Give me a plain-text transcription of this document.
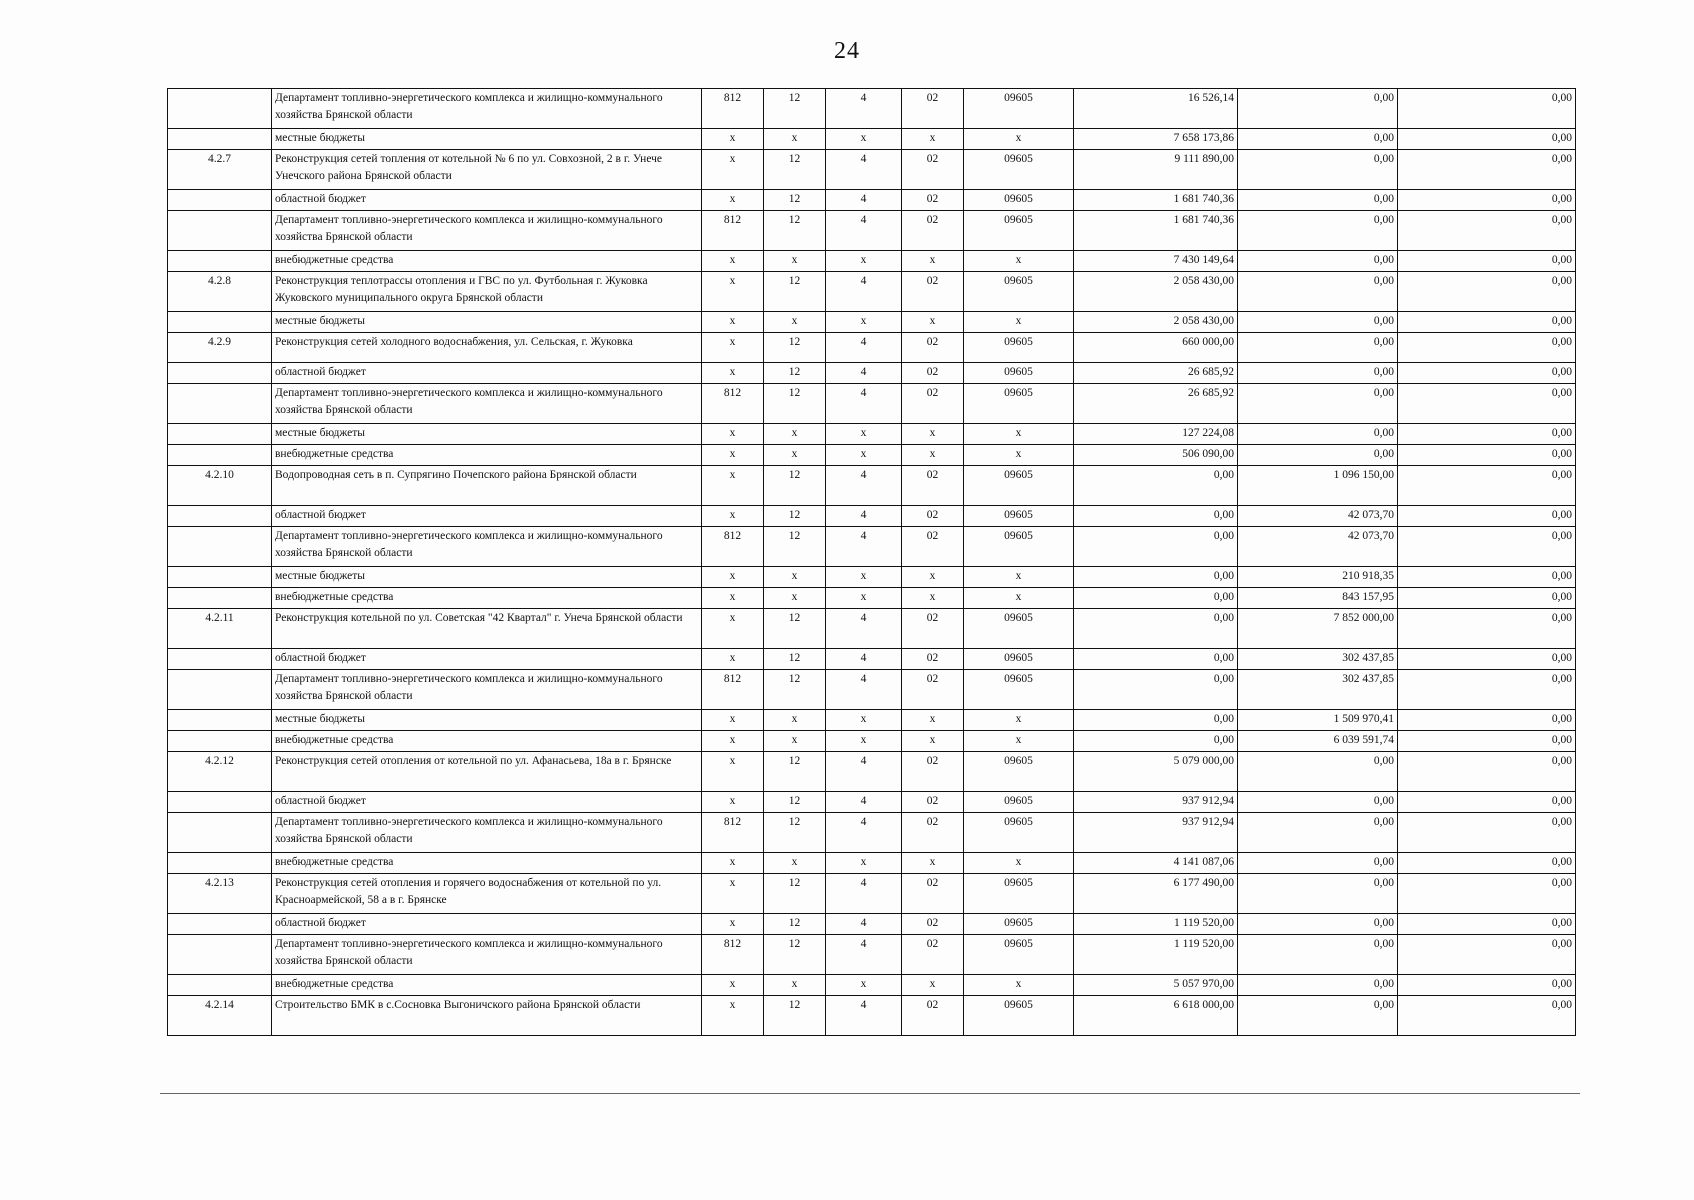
24
	Департамент топливно-энергетического комплекса и жилищно-коммунального хозяйства Брянской области	812	12	4	02	09605	16 526,14	0,00	0,00
	местные бюджеты	x	x	x	x	x	7 658 173,86	0,00	0,00
4.2.7	Реконструкция сетей топления от котельной № 6 по ул. Совхозной, 2 в г. Унече Унечского района Брянской области	x	12	4	02	09605	9 111 890,00	0,00	0,00
	областной бюджет	x	12	4	02	09605	1 681 740,36	0,00	0,00
	Департамент топливно-энергетического комплекса и жилищно-коммунального хозяйства Брянской области	812	12	4	02	09605	1 681 740,36	0,00	0,00
	внебюджетные средства	x	x	x	x	x	7 430 149,64	0,00	0,00
4.2.8	Реконструкция теплотрассы отопления и ГВС по ул. Футбольная г. Жуковка Жуковского муниципального округа Брянской области	x	12	4	02	09605	2 058 430,00	0,00	0,00
	местные бюджеты	x	x	x	x	x	2 058 430,00	0,00	0,00
4.2.9	Реконструкция сетей холодного водоснабжения, ул. Сельская, г. Жуковка	x	12	4	02	09605	660 000,00	0,00	0,00
	областной бюджет	x	12	4	02	09605	26 685,92	0,00	0,00
	Департамент топливно-энергетического комплекса и жилищно-коммунального хозяйства Брянской области	812	12	4	02	09605	26 685,92	0,00	0,00
	местные бюджеты	x	x	x	x	x	127 224,08	0,00	0,00
	внебюджетные средства	x	x	x	x	x	506 090,00	0,00	0,00
4.2.10	Водопроводная сеть в п. Супрягино Почепского района Брянской области	x	12	4	02	09605	0,00	1 096 150,00	0,00
	областной бюджет	x	12	4	02	09605	0,00	42 073,70	0,00
	Департамент топливно-энергетического комплекса и жилищно-коммунального хозяйства Брянской области	812	12	4	02	09605	0,00	42 073,70	0,00
	местные бюджеты	x	x	x	x	x	0,00	210 918,35	0,00
	внебюджетные средства	x	x	x	x	x	0,00	843 157,95	0,00
4.2.11	Реконструкция котельной по ул. Советская "42 Квартал" г. Унеча Брянской области	x	12	4	02	09605	0,00	7 852 000,00	0,00
	областной бюджет	x	12	4	02	09605	0,00	302 437,85	0,00
	Департамент топливно-энергетического комплекса и жилищно-коммунального хозяйства Брянской области	812	12	4	02	09605	0,00	302 437,85	0,00
	местные бюджеты	x	x	x	x	x	0,00	1 509 970,41	0,00
	внебюджетные средства	x	x	x	x	x	0,00	6 039 591,74	0,00
4.2.12	Реконструкция сетей отопления от котельной по ул. Афанасьева, 18а в г. Брянске	x	12	4	02	09605	5 079 000,00	0,00	0,00
	областной бюджет	x	12	4	02	09605	937 912,94	0,00	0,00
	Департамент топливно-энергетического комплекса и жилищно-коммунального хозяйства Брянской области	812	12	4	02	09605	937 912,94	0,00	0,00
	внебюджетные средства	x	x	x	x	x	4 141 087,06	0,00	0,00
4.2.13	Реконструкция сетей отопления и горячего водоснабжения от котельной по ул. Красноармейской, 58 а в г. Брянске	x	12	4	02	09605	6 177 490,00	0,00	0,00
	областной бюджет	x	12	4	02	09605	1 119 520,00	0,00	0,00
	Департамент топливно-энергетического комплекса и жилищно-коммунального хозяйства Брянской области	812	12	4	02	09605	1 119 520,00	0,00	0,00
	внебюджетные средства	x	x	x	x	x	5 057 970,00	0,00	0,00
4.2.14	Строительство БМК в с.Сосновка Выгоничского района Брянской области	x	12	4	02	09605	6 618 000,00	0,00	0,00
